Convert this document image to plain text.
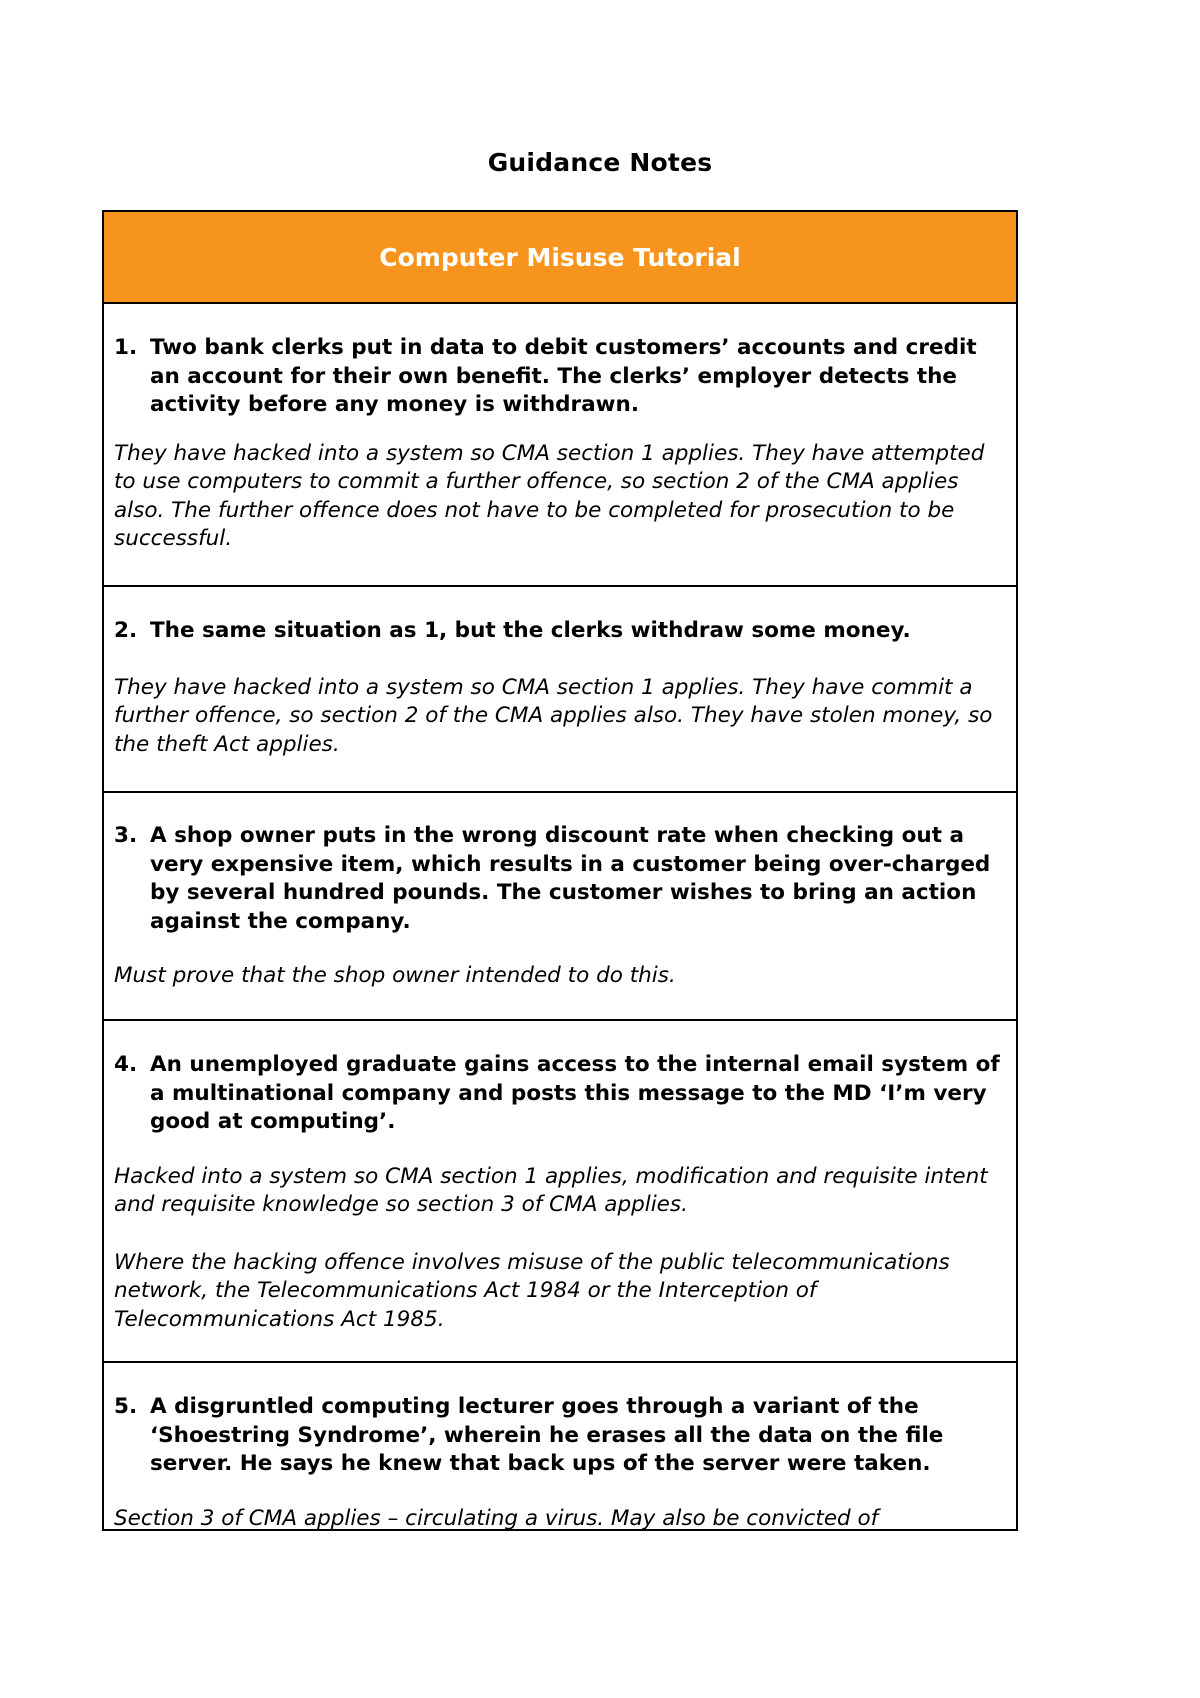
Guidance Notes
Computer Misuse Tutorial
1. Two bank clerks put in data to debit customers’ accounts and credit an account for their own benefit. The clerks’ employer detects the activity before any money is withdrawn.

They have hacked into a system so CMA section 1 applies. They have attempted to use computers to commit a further offence, so section 2 of the CMA applies also. The further offence does not have to be completed for prosecution to be successful.

2. The same situation as 1, but the clerks withdraw some money.

They have hacked into a system so CMA section 1 applies. They have commit a further offence, so section 2 of the CMA applies also. They have stolen money, so the theft Act applies.

3. A shop owner puts in the wrong discount rate when checking out a very expensive item, which results in a customer being over-charged by several hundred pounds. The customer wishes to bring an action against the company.

Must prove that the shop owner intended to do this.

4. An unemployed graduate gains access to the internal email system of a multinational company and posts this message to the MD ‘I’m very good at computing’.

Hacked into a system so CMA section 1 applies, modification and requisite intent and requisite knowledge so section 3 of CMA applies.

Where the hacking offence involves misuse of the public telecommunications network, the Telecommunications Act 1984 or the Interception of Telecommunications Act 1985.

5. A disgruntled computing lecturer goes through a variant of the ‘Shoestring Syndrome’, wherein he erases all the data on the file server. He says he knew that back ups of the server were taken.

Section 3 of CMA applies – circulating a virus. May also be convicted of
